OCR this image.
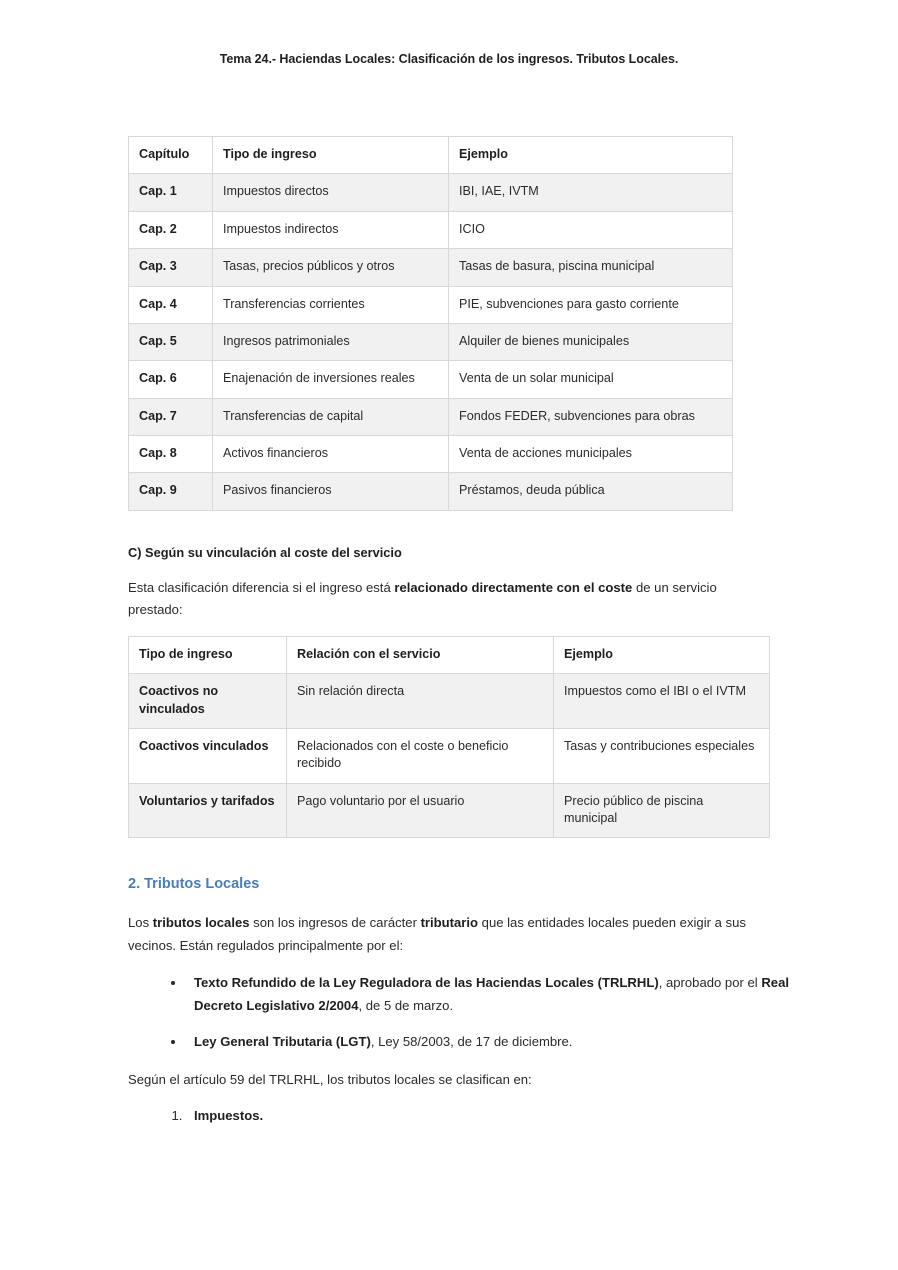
Tema 24.- Haciendas Locales: Clasificación de los ingresos. Tributos Locales.
Capítulo	Tipo de ingreso	Ejemplo
Cap. 1	Impuestos directos	IBI, IAE, IVTM
Cap. 2	Impuestos indirectos	ICIO
Cap. 3	Tasas, precios públicos y otros	Tasas de basura, piscina municipal
Cap. 4	Transferencias corrientes	PIE, subvenciones para gasto corriente
Cap. 5	Ingresos patrimoniales	Alquiler de bienes municipales
Cap. 6	Enajenación de inversiones reales	Venta de un solar municipal
Cap. 7	Transferencias de capital	Fondos FEDER, subvenciones para obras
Cap. 8	Activos financieros	Venta de acciones municipales
Cap. 9	Pasivos financieros	Préstamos, deuda pública
C) Según su vinculación al coste del servicio

Esta clasificación diferencia si el ingreso está relacionado directamente con el coste de un servicio prestado:

Tipo de ingreso	Relación con el servicio	Ejemplo
Coactivos no vinculados	Sin relación directa	Impuestos como el IBI o el IVTM
Coactivos vinculados	Relacionados con el coste o beneficio recibido	Tasas y contribuciones especiales
Voluntarios y tarifados	Pago voluntario por el usuario	Precio público de piscina municipal
2. Tributos Locales

Los tributos locales son los ingresos de carácter tributario que las entidades locales pueden exigir a sus vecinos. Están regulados principalmente por el:

• Texto Refundido de la Ley Reguladora de las Haciendas Locales (TRLRHL), aprobado por el Real Decreto Legislativo 2/2004, de 5 de marzo.
• Ley General Tributaria (LGT), Ley 58/2003, de 17 de diciembre.

Según el artículo 59 del TRLRHL, los tributos locales se clasifican en:

1. Impuestos.
